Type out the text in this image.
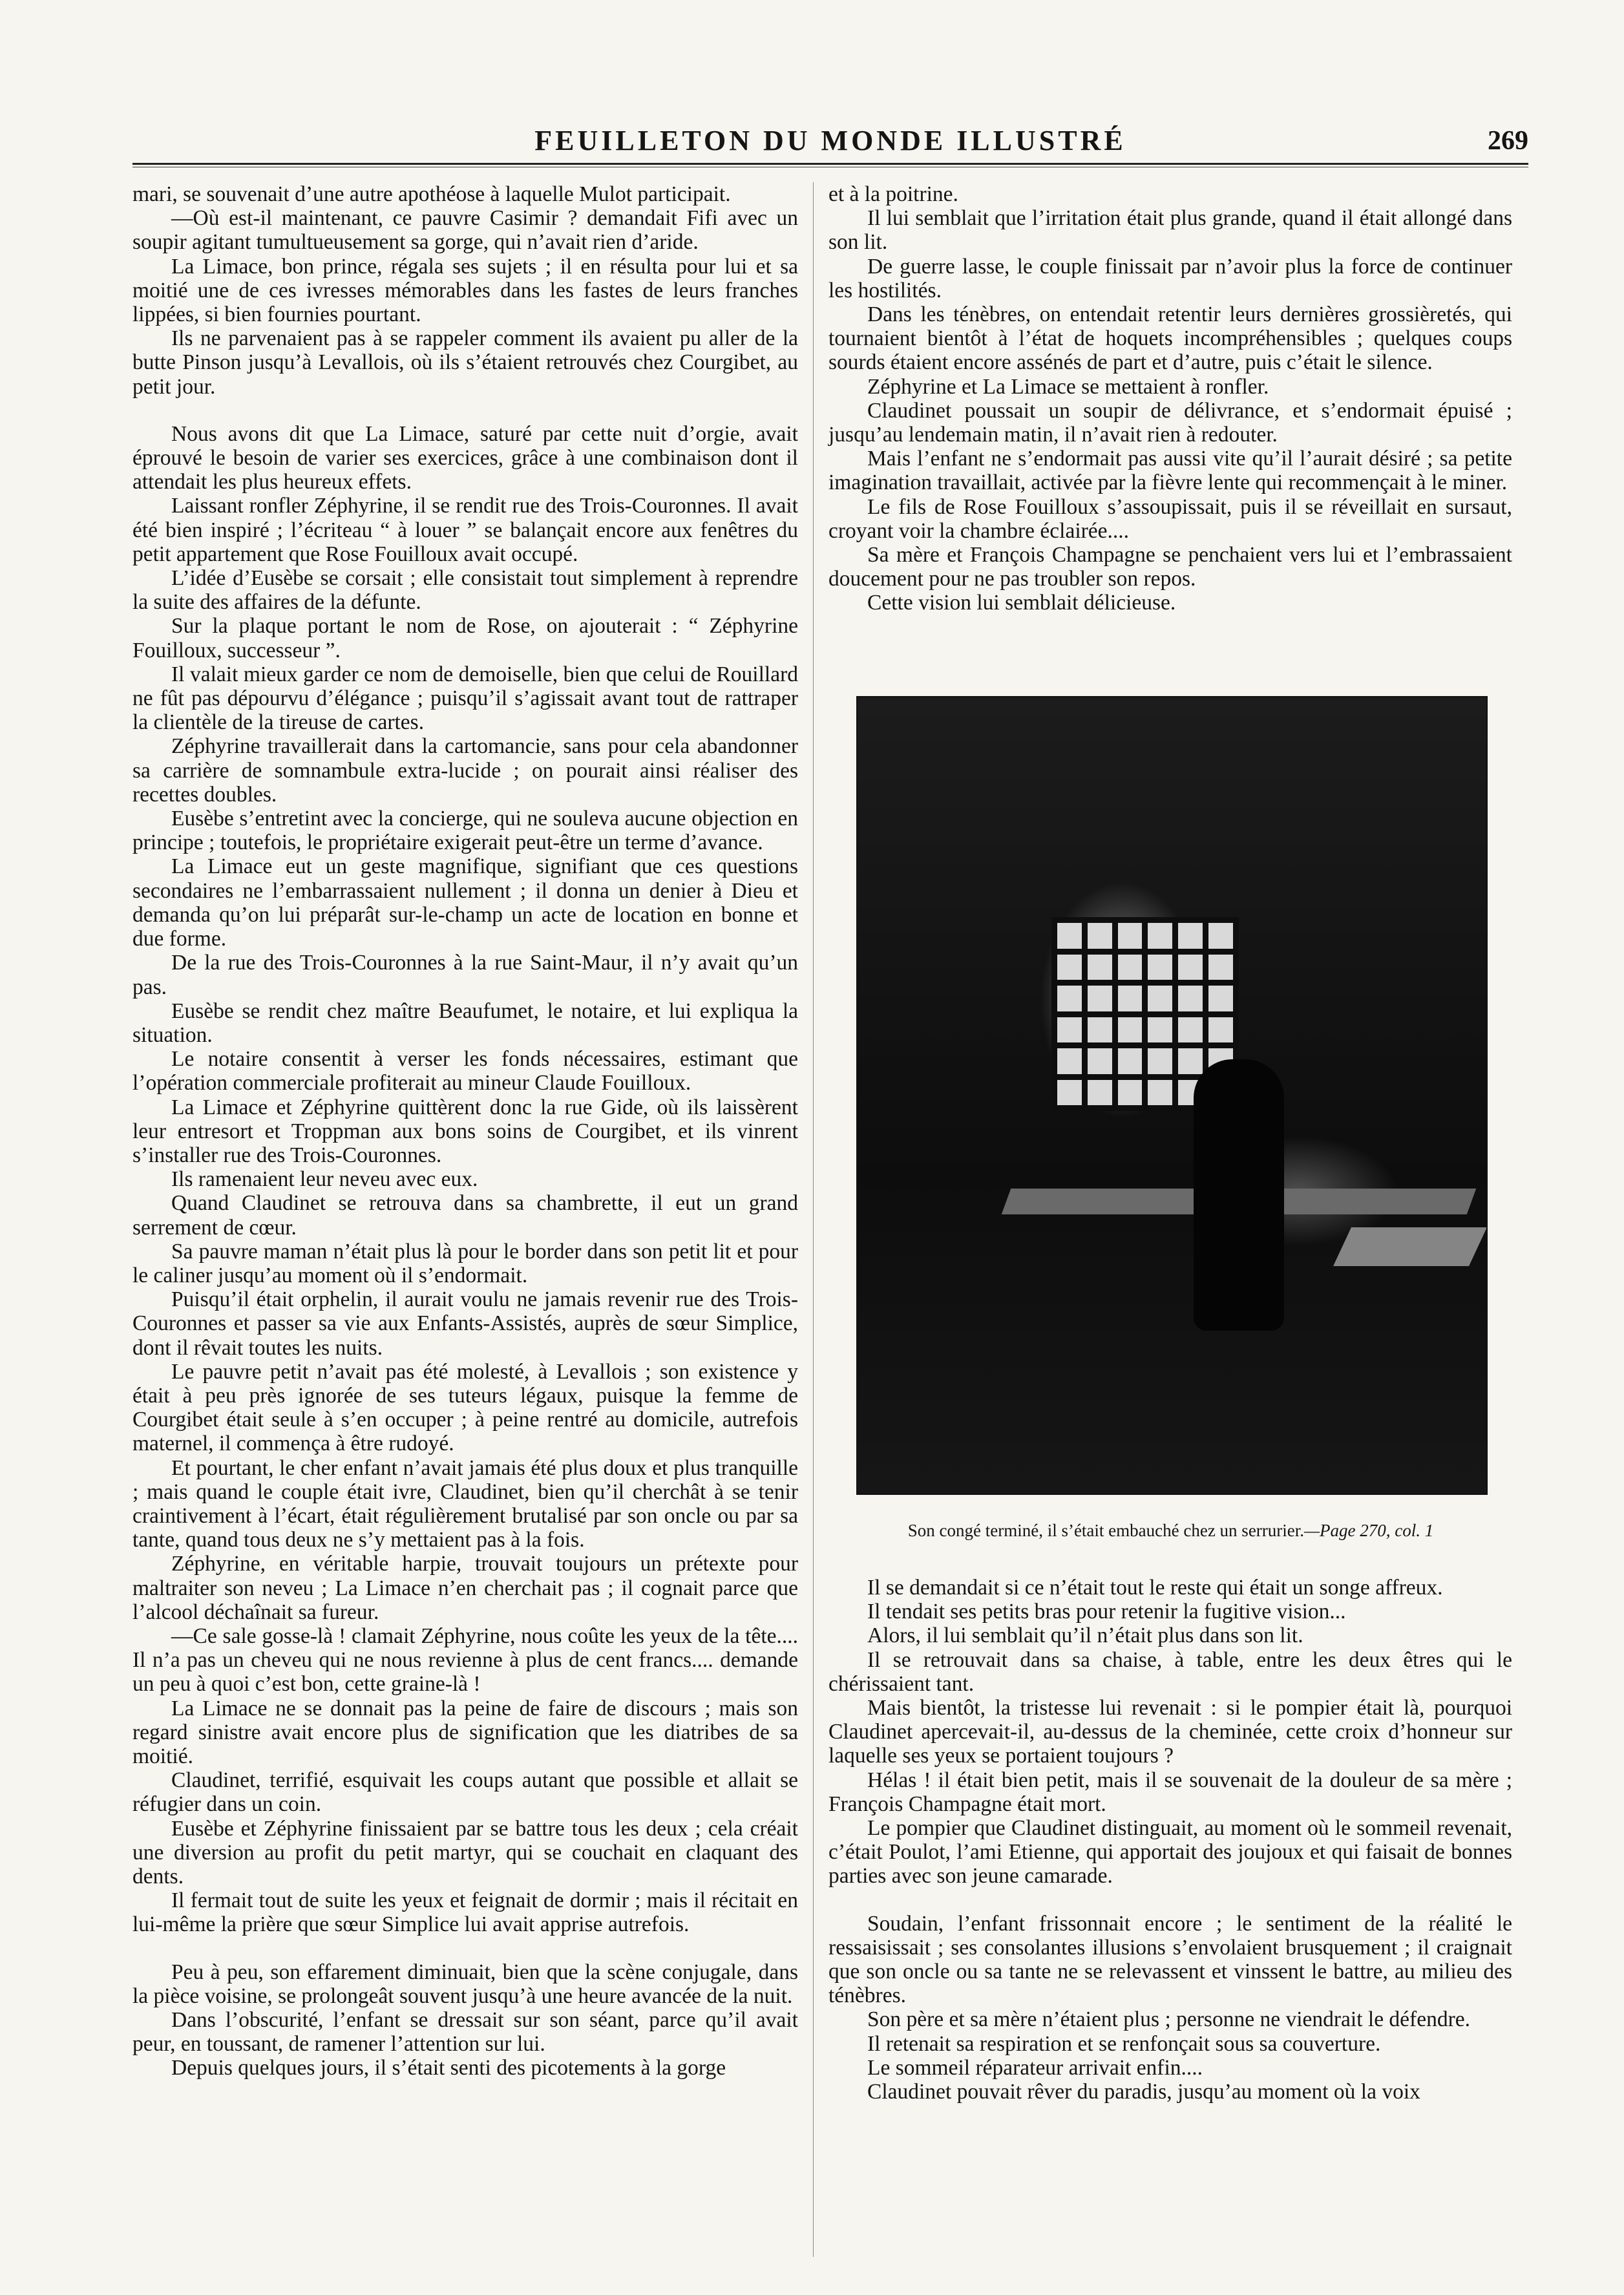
FEUILLETON DU MONDE ILLUSTRÉ	269

mari, se souvenait d’une autre apothéose à laquelle Mulot participait.

—Où est-il maintenant, ce pauvre Casimir ? demandait Fifi avec un soupir agitant tumultueusement sa gorge, qui n’avait rien d’aride.

La Limace, bon prince, régala ses sujets ; il en résulta pour lui et sa moitié une de ces ivresses mémorables dans les fastes de leurs franches lippées, si bien fournies pourtant.

Ils ne parvenaient pas à se rappeler comment ils avaient pu aller de la butte Pinson jusqu’à Levallois, où ils s’étaient retrouvés chez Courgibet, au petit jour.

Nous avons dit que La Limace, saturé par cette nuit d’orgie, avait éprouvé le besoin de varier ses exercices, grâce à une combinaison dont il attendait les plus heureux effets.

Laissant ronfler Zéphyrine, il se rendit rue des Trois-Couronnes. Il avait été bien inspiré ; l’écriteau “ à louer ” se balançait encore aux fenêtres du petit appartement que Rose Fouilloux avait occupé.

L’idée d’Eusèbe se corsait ; elle consistait tout simplement à reprendre la suite des affaires de la défunte.

Sur la plaque portant le nom de Rose, on ajouterait : “ Zéphyrine Fouilloux, successeur ”.

Il valait mieux garder ce nom de demoiselle, bien que celui de Rouillard ne fût pas dépourvu d’élégance ; puisqu’il s’agissait avant tout de rattraper la clientèle de la tireuse de cartes.

Zéphyrine travaillerait dans la cartomancie, sans pour cela abandonner sa carrière de somnambule extra-lucide ; on pourait ainsi réaliser des recettes doubles.

Eusèbe s’entretint avec la concierge, qui ne souleva aucune objection en principe ; toutefois, le propriétaire exigerait peut-être un terme d’avance.

La Limace eut un geste magnifique, signifiant que ces questions secondaires ne l’embarrassaient nullement ; il donna un denier à Dieu et demanda qu’on lui préparât sur-le-champ un acte de location en bonne et due forme.

De la rue des Trois-Couronnes à la rue Saint-Maur, il n’y avait qu’un pas.

Eusèbe se rendit chez maître Beaufumet, le notaire, et lui expliqua la situation.

Le notaire consentit à verser les fonds nécessaires, estimant que l’opération commerciale profiterait au mineur Claude Fouilloux.

La Limace et Zéphyrine quittèrent donc la rue Gide, où ils laissèrent leur entresort et Troppman aux bons soins de Courgibet, et ils vinrent s’installer rue des Trois-Couronnes.

Ils ramenaient leur neveu avec eux.

Quand Claudinet se retrouva dans sa chambrette, il eut un grand serrement de cœur.

Sa pauvre maman n’était plus là pour le border dans son petit lit et pour le caliner jusqu’au moment où il s’endormait.

Puisqu’il était orphelin, il aurait voulu ne jamais revenir rue des Trois-Couronnes et passer sa vie aux Enfants-Assistés, auprès de sœur Simplice, dont il rêvait toutes les nuits.

Le pauvre petit n’avait pas été molesté, à Levallois ; son existence y était à peu près ignorée de ses tuteurs légaux, puisque la femme de Courgibet était seule à s’en occuper ; à peine rentré au domicile, autrefois maternel, il commença à être rudoyé.

Et pourtant, le cher enfant n’avait jamais été plus doux et plus tranquille ; mais quand le couple était ivre, Claudinet, bien qu’il cherchât à se tenir craintivement à l’écart, était régulièrement brutalisé par son oncle ou par sa tante, quand tous deux ne s’y mettaient pas à la fois.

Zéphyrine, en véritable harpie, trouvait toujours un prétexte pour maltraiter son neveu ; La Limace n’en cherchait pas ; il cognait parce que l’alcool déchaînait sa fureur.

—Ce sale gosse-là ! clamait Zéphyrine, nous coûte les yeux de la tête.... Il n’a pas un cheveu qui ne nous revienne à plus de cent francs.... demande un peu à quoi c’est bon, cette graine-là !

La Limace ne se donnait pas la peine de faire de discours ; mais son regard sinistre avait encore plus de signification que les diatribes de sa moitié.

Claudinet, terrifié, esquivait les coups autant que possible et allait se réfugier dans un coin.

Eusèbe et Zéphyrine finissaient par se battre tous les deux ; cela créait une diversion au profit du petit martyr, qui se couchait en claquant des dents.

Il fermait tout de suite les yeux et feignait de dormir ; mais il récitait en lui-même la prière que sœur Simplice lui avait apprise autrefois.

Peu à peu, son effarement diminuait, bien que la scène conjugale, dans la pièce voisine, se prolongeât souvent jusqu’à une heure avancée de la nuit.

Dans l’obscurité, l’enfant se dressait sur son séant, parce qu’il avait peur, en toussant, de ramener l’attention sur lui.

Depuis quelques jours, il s’était senti des picotements à la gorge

et à la poitrine.

Il lui semblait que l’irritation était plus grande, quand il était allongé dans son lit.

De guerre lasse, le couple finissait par n’avoir plus la force de continuer les hostilités.

Dans les ténèbres, on entendait retentir leurs dernières grossièretés, qui tournaient bientôt à l’état de hoquets incompréhensibles ; quelques coups sourds étaient encore assénés de part et d’autre, puis c’était le silence.

Zéphyrine et La Limace se mettaient à ronfler.

Claudinet poussait un soupir de délivrance, et s’endormait épuisé ; jusqu’au lendemain matin, il n’avait rien à redouter.

Mais l’enfant ne s’endormait pas aussi vite qu’il l’aurait désiré ; sa petite imagination travaillait, activée par la fièvre lente qui recommençait à le miner.

Le fils de Rose Fouilloux s’assoupissait, puis il se réveillait en sursaut, croyant voir la chambre éclairée....

Sa mère et François Champagne se penchaient vers lui et l’embrassaient doucement pour ne pas troubler son repos.

Cette vision lui semblait délicieuse.

Son congé terminé, il s’était embauché chez un serrurier.—Page 270, col. 1

Il se demandait si ce n’était tout le reste qui était un songe affreux.

Il tendait ses petits bras pour retenir la fugitive vision...

Alors, il lui semblait qu’il n’était plus dans son lit.

Il se retrouvait dans sa chaise, à table, entre les deux êtres qui le chérissaient tant.

Mais bientôt, la tristesse lui revenait : si le pompier était là, pourquoi Claudinet apercevait-il, au-dessus de la cheminée, cette croix d’honneur sur laquelle ses yeux se portaient toujours ?

Hélas ! il était bien petit, mais il se souvenait de la douleur de sa mère ; François Champagne était mort.

Le pompier que Claudinet distinguait, au moment où le sommeil revenait, c’était Poulot, l’ami Etienne, qui apportait des joujoux et qui faisait de bonnes parties avec son jeune camarade.

Soudain, l’enfant frissonnait encore ; le sentiment de la réalité le ressaisissait ; ses consolantes illusions s’envolaient brusquement ; il craignait que son oncle ou sa tante ne se relevassent et vinssent le battre, au milieu des ténèbres.

Son père et sa mère n’étaient plus ; personne ne viendrait le défendre.

Il retenait sa respiration et se renfonçait sous sa couverture.

Le sommeil réparateur arrivait enfin....

Claudinet pouvait rêver du paradis, jusqu’au moment où la voix
